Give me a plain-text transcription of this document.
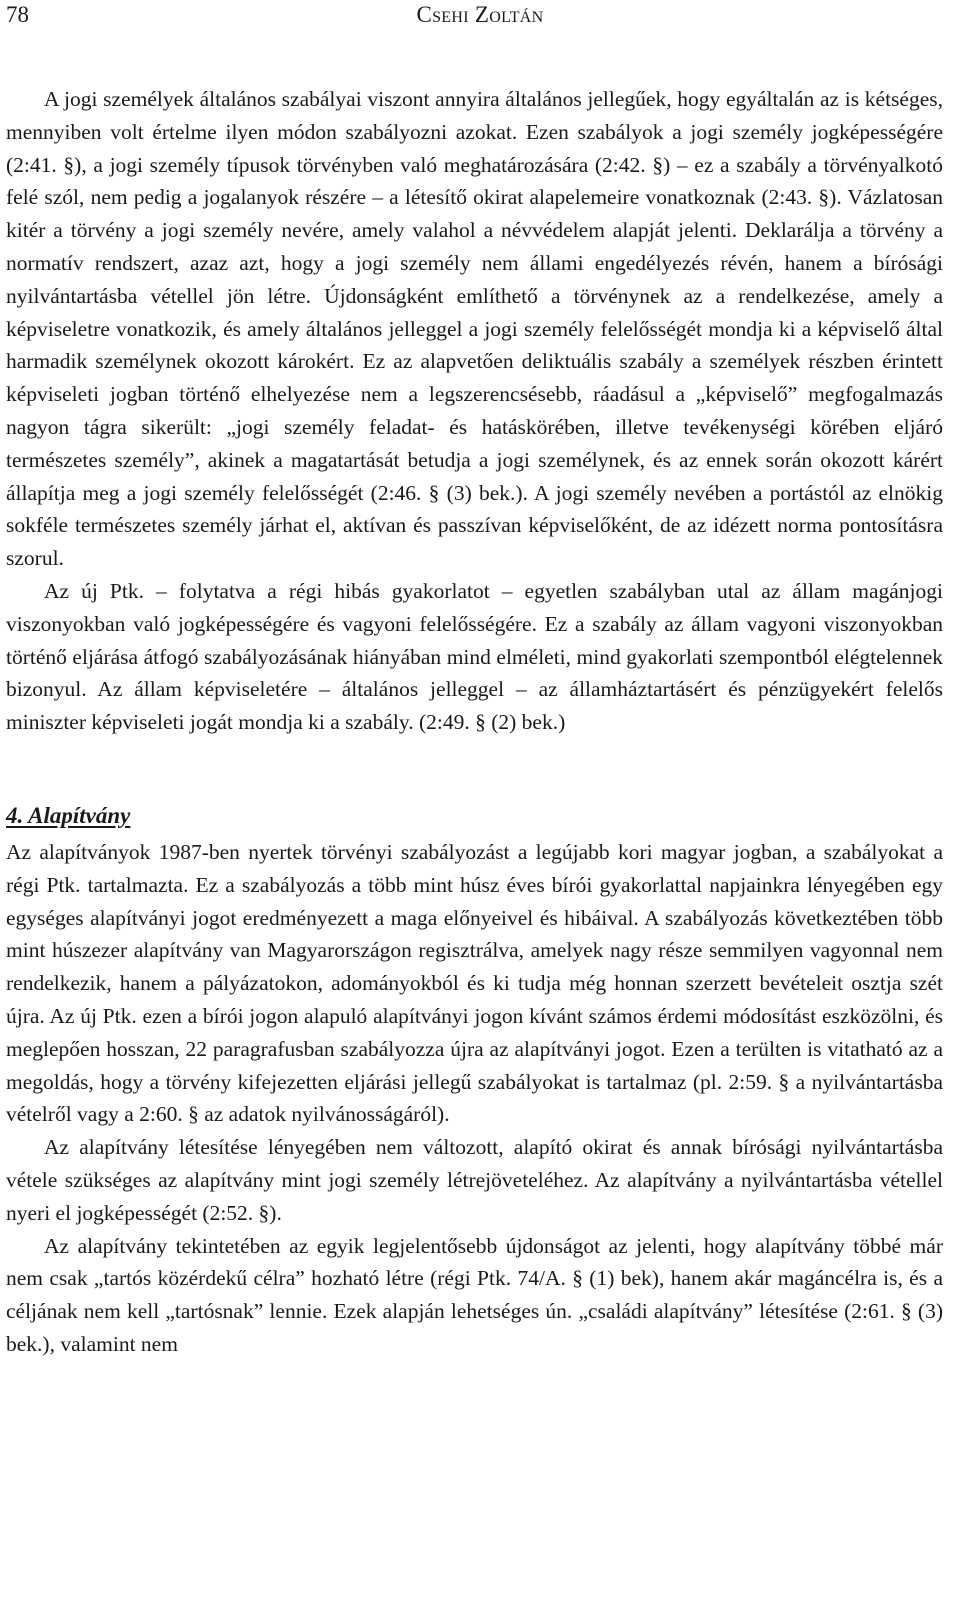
78	Csehi Zoltán

A jogi személyek általános szabályai viszont annyira általános jellegűek, hogy egyáltalán az is kétséges, mennyiben volt értelme ilyen módon szabályozni azokat. Ezen szabályok a jogi személy jogképességére (2:41. §), a jogi személy típusok törvényben való meghatározására (2:42. §) – ez a szabály a törvényalkotó felé szól, nem pedig a jogalanyok részére – a létesítő okirat alapelemeire vonatkoznak (2:43. §). Vázlatosan kitér a törvény a jogi személy nevére, amely valahol a névvédelem alapját jelenti. Deklarálja a törvény a normatív rendszert, azaz azt, hogy a jogi személy nem állami engedélyezés révén, hanem a bírósági nyilvántartásba vétellel jön létre. Újdonságként említhető a törvénynek az a rendelkezése, amely a képviseletre vonatkozik, és amely általános jelleggel a jogi személy felelősségét mondja ki a képviselő által harmadik személynek okozott károkért. Ez az alapvetően deliktuális szabály a személyek részben érintett képviseleti jogban történő elhelyezése nem a legszerencsésebb, ráadásul a „képviselő” megfogalmazás nagyon tágra sikerült: „jogi személy feladat- és hatáskörében, illetve tevékenységi körében eljáró természetes személy”, akinek a magatartását betudja a jogi személynek, és az ennek során okozott kárért állapítja meg a jogi személy felelősségét (2:46. § (3) bek.). A jogi személy nevében a portástól az elnökig sokféle természetes személy járhat el, aktívan és passzívan képviselőként, de az idézett norma pontosításra szorul.

Az új Ptk. – folytatva a régi hibás gyakorlatot – egyetlen szabályban utal az állam magánjogi viszonyokban való jogképességére és vagyoni felelősségére. Ez a szabály az állam vagyoni viszonyokban történő eljárása átfogó szabályozásának hiányában mind elméleti, mind gyakorlati szempontból elégtelennek bizonyul. Az állam képviseletére – általános jelleggel – az államháztartásért és pénzügyekért felelős miniszter képviseleti jogát mondja ki a szabály. (2:49. § (2) bek.)

4. Alapítvány

Az alapítványok 1987-ben nyertek törvényi szabályozást a legújabb kori magyar jogban, a szabályokat a régi Ptk. tartalmazta. Ez a szabályozás a több mint húsz éves bírói gyakorlattal napjainkra lényegében egy egységes alapítványi jogot eredményezett a maga előnyeivel és hibáival. A szabályozás következtében több mint húszezer alapítvány van Magyarországon regisztrálva, amelyek nagy része semmilyen vagyonnal nem rendelkezik, hanem a pályázatokon, adományokból és ki tudja még honnan szerzett bevételeit osztja szét újra. Az új Ptk. ezen a bírói jogon alapuló alapítványi jogon kívánt számos érdemi módosítást eszközölni, és meglepően hosszan, 22 paragrafusban szabályozza újra az alapítványi jogot. Ezen a terülten is vitatható az a megoldás, hogy a törvény kifejezetten eljárási jellegű szabályokat is tartalmaz (pl. 2:59. § a nyilvántartásba vételről vagy a 2:60. § az adatok nyilvánosságáról).

Az alapítvány létesítése lényegében nem változott, alapító okirat és annak bírósági nyilvántartásba vétele szükséges az alapítvány mint jogi személy létrejöveteléhez. Az alapítvány a nyilvántartásba vétellel nyeri el jogképességét (2:52. §).

Az alapítvány tekintetében az egyik legjelentősebb újdonságot az jelenti, hogy alapítvány többé már nem csak „tartós közérdekű célra” hozható létre (régi Ptk. 74/A. § (1) bek), hanem akár magáncélra is, és a céljának nem kell „tartósnak” lennie. Ezek alapján lehetséges ún. „családi alapítvány” létesítése (2:61. § (3) bek.), valamint nem
